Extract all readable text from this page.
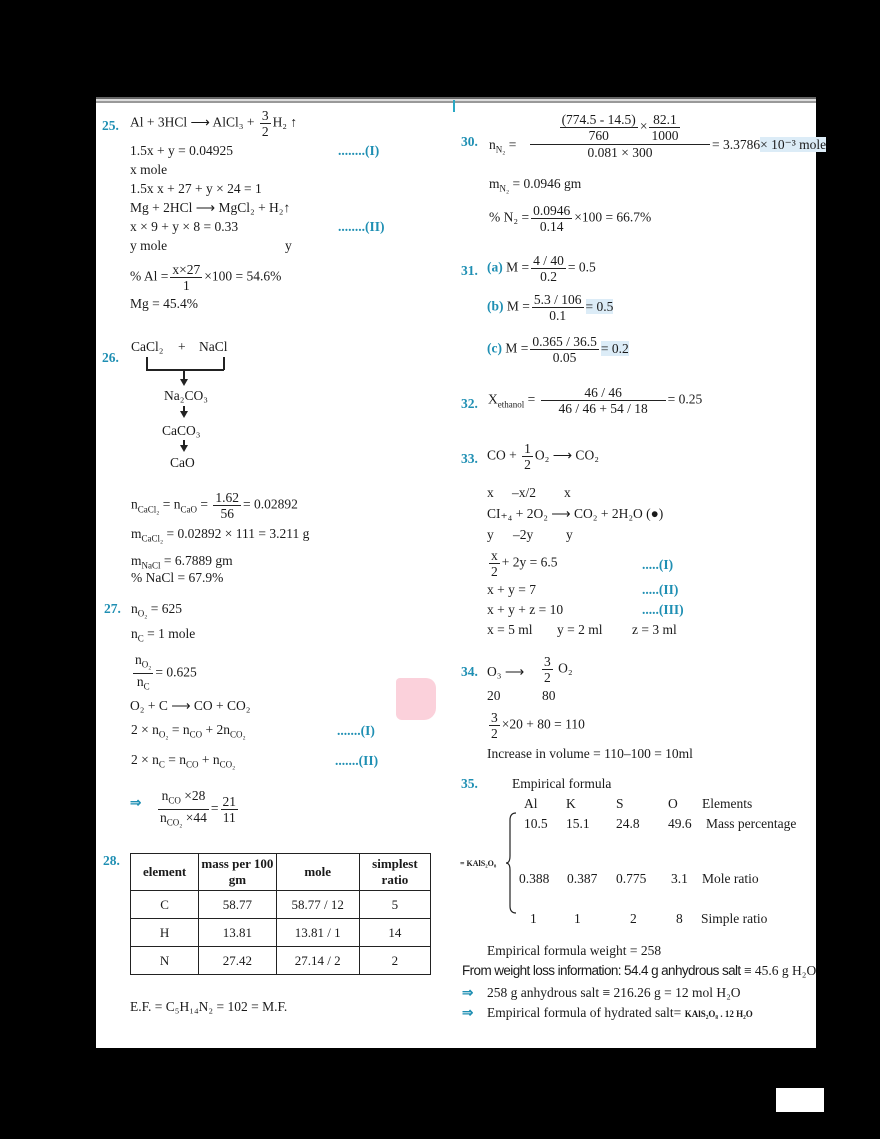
25. Al + 3HCl ⟶ AlCl₃ + $\frac{3}{2} H_2$ ↑
1.5x + y = 0.04925	........(I)
x mole
1.5x x + 27 + y × 24 = 1
Mg + 2HCl ⟶ MgCl₂ + H₂↑
x × 9 + y × 8 = 0.33	........(II)
y mole	y
% $Al = \frac{x\times 27}{1} \times 100 = 54.6\%$
Mg = 45.4%
26.
CaCl₂ + NaCl
Na₂CO₃
CaCO₃
CaO
$n_{CaCl_2} = n_{CaO} = \frac{1.62}{56} = 0.02892$
$m_{CaCl_2} = 0.02892 \times 111 = 3.211$ g
$m_{NaCl} = 6.7889$ gm
% NaCl = 67.9%
27. $n_{O_2} = 625$
$n_C = 1$ mole
$\frac{n_{O_2}}{n_C} = 0.625$
O₂ + C ⟶ CO + CO₂
$2 \times n_{O_2} = n_{CO} + 2n_{CO_2}$	.......(I)
$2 \times n_C = n_{CO} + n_{CO_2}$	.......(II)
⇒ $\frac{n_{CO} \times 28}{n_{CO_2} \times 44} = \frac{21}{11}$
28.
element	mass per 100 gm	mole	simplest ratio
C	58.77	58.77 / 12	5
H	13.81	13.81 / 1	14
N	27.42	27.14 / 2	2
E.F. = C₅H₁₄N₂ = 102 = M.F.
30. $n_{N_2}$ =
$\frac{(774.5 - 14.5)}{760} \times \frac{82.1}{1000}$
0.081 × 300
= 3.3786× 10⁻³ mole
$m_{N_2} = 0.0946$ gm
% $N_2 = \frac{0.0946}{0.14} \times 100 = 66.7\%$
31. (a) $M = \frac{4 / 40}{0.2} = 0.5$
(b) $M = \frac{5.3 / 106}{0.1} = 0.5$
(c) $M = \frac{0.365 / 36.5}{0.05} = 0.2$
32. $X_{ethanol} = \frac{46 / 46}{46 / 46 + 54 / 18} = 0.25$
33. CO + $\frac{1}{2} O_2$ ⟶ CO₂
x –x/2 x
CI₊₄ + 2O₂ ⟶ CO₂ + 2H₂O (●)
y –2y y
$\frac{x}{2} + 2y = 6.5$	.....(I)
x + y = 7	.....(II)
x + y + z = 10	.....(III)
x = 5 ml y = 2 ml z = 3 ml
34. O₃ ⟶ $\frac{3}{2} O_2$
20	80
$\frac{3}{2} \times 20 + 80 = 110$
Increase in volume = 110–100 = 10ml
35.	Empirical formula
= KAlS₂O₈
Al K	S	O Elements
10.5 15.1 24.8 49.6 Mass percentage
0.388 0.387 0.775 3.1 Mole ratio
1	1	2	8 Simple ratio
Empirical formula weight = 258
From weight loss information: 54.4 g anhydrous salt ≡ 45.6 g H₂O
⇒ 258 g anhydrous salt ≡ 216.26 g = 12 mol H₂O
⇒ Empirical formula of hydrated salt= KAlS₂O₈ . 12 H₂O
